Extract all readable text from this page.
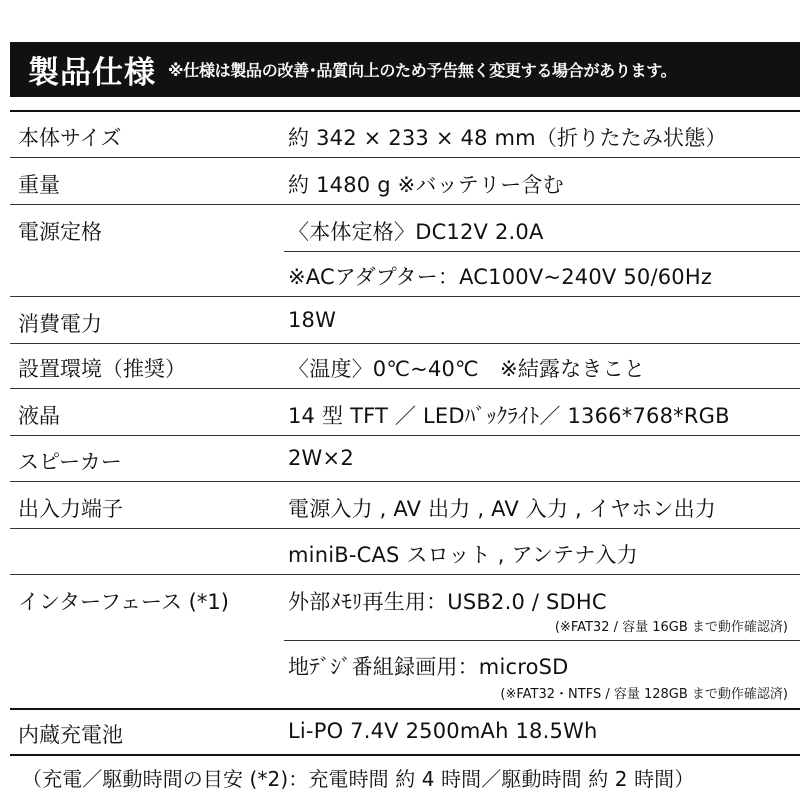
製品仕様 ※仕様は製品の改善･品質向上のため予告無く変更する場合があります。
本体サイズ	約 342 × 233 × 48 mm（折りたたみ状態）
重量	約 1480 g ※バッテリー含む
電源定格	〈本体定格〉DC12V 2.0A
※ACアダプター：AC100V~240V 50/60Hz
消費電力	18W
設置環境（推奨）	〈温度〉0℃~40℃　※結露なきこと
液晶	14 型 TFT ／ LEDﾊﾞｯｸﾗｲﾄ／ 1366*768*RGB
スピーカー	2W×2
出入力端子	電源入力 , AV 出力 , AV 入力 , イヤホン出力
miniB-CAS スロット , アンテナ入力
インターフェース (*1)	外部ﾒﾓﾘ再生用：USB2.0 / SDHC
(※FAT32 / 容量 16GB まで動作確認済)
地ﾃﾞｼﾞ番組録画用：microSD
(※FAT32・NTFS / 容量 128GB まで動作確認済)
内蔵充電池	Li-PO 7.4V 2500mAh 18.5Wh
（充電／駆動時間の目安 (*2)：充電時間 約 4 時間／駆動時間 約 2 時間）
